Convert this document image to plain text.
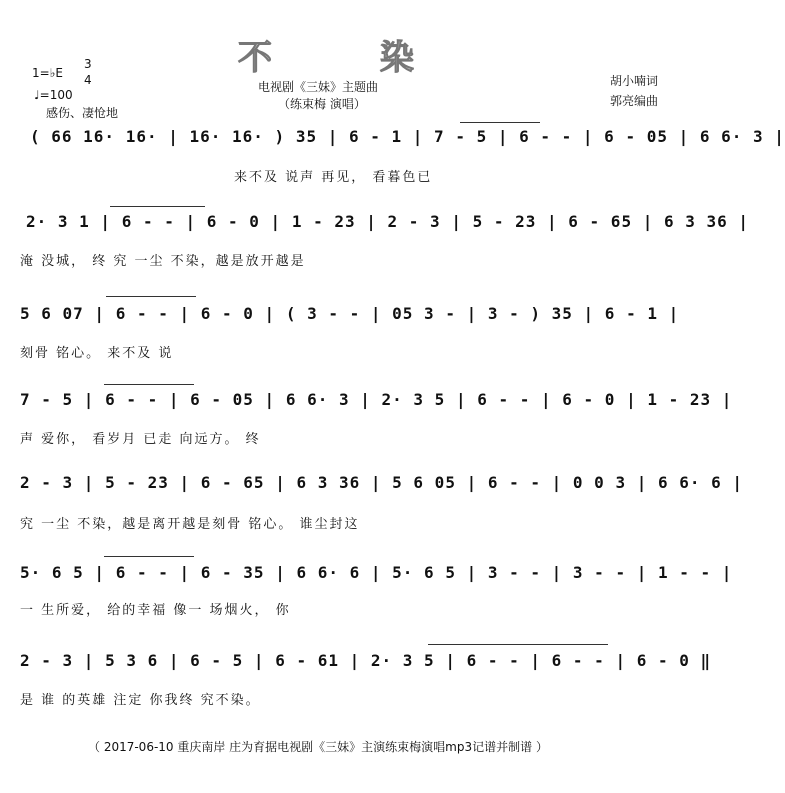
不 染
1=♭E
3
4
♩=100
感伤、凄怆地
电视剧《三妹》主题曲
（练束梅 演唱）
胡小喃词
郭亮编曲
( 66 16· 16· | 16· 16· ) 35 | 6 - 1 | 7 - 5 | 6 - - | 6 - 05 | 6 6· 3 |
来不及 说声 再见， 看暮色已
2· 3 1 | 6 - - | 6 - 0 | 1 - 23 | 2 - 3 | 5 - 23 | 6 - 65 | 6 3 36 |
淹 没城， 终 究 一尘 不染，越是放开越是
5 6 07 | 6 - - | 6 - 0 | ( 3 - - | 05 3 - | 3 - ) 35 | 6 - 1 |
刻骨 铭心。 来不及 说
7 - 5 | 6 - - | 6 - 05 | 6 6· 3 | 2· 3 5 | 6 - - | 6 - 0 | 1 - 23 |
声 爱你， 看岁月 已走 向远方。 终
2 - 3 | 5 - 23 | 6 - 65 | 6 3 36 | 5 6 05 | 6 - - | 0 0 3 | 6 6· 6 |
究 一尘 不染，越是离开越是刻骨 铭心。 谁尘封这
5· 6 5 | 6 - - | 6 - 35 | 6 6· 6 | 5· 6 5 | 3 - - | 3 - - | 1 - - |
一 生所爱， 给的幸福 像一 场烟火， 你
2 - 3 | 5 3 6 | 6 - 5 | 6 - 61 | 2· 3 5 | 6 - - | 6 - - | 6 - 0 ‖
是 谁 的英雄 注定 你我终 究不染。
（ 2017-06-10 重庆南岸 庄为育据电视剧《三妹》主演练束梅演唱mp3记谱并制谱 ）
